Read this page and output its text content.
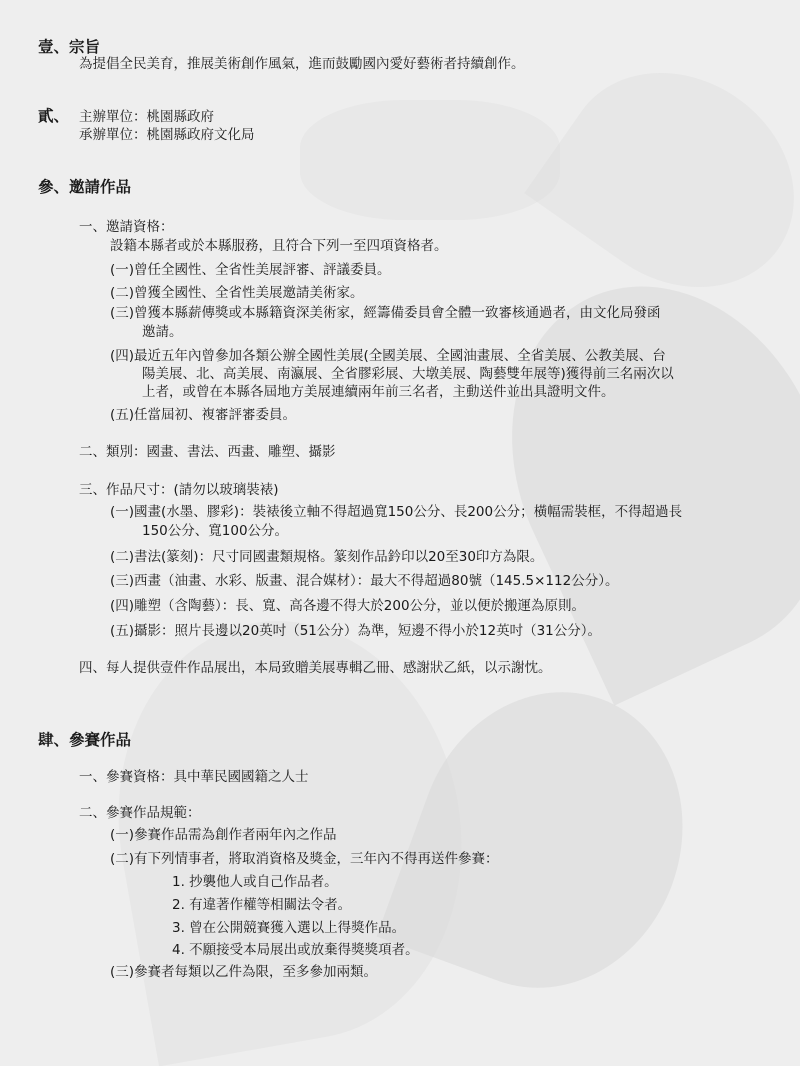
壹、宗旨
為提倡全民美育，推展美術創作風氣，進而鼓勵國內愛好藝術者持續創作。
貳、 主辦單位：桃園縣政府
承辦單位：桃園縣政府文化局
參、邀請作品
一、邀請資格：
設籍本縣者或於本縣服務，且符合下列一至四項資格者。
(一)曾任全國性、全省性美展評審、評議委員。
(二)曾獲全國性、全省性美展邀請美術家。
(三)曾獲本縣薪傳獎或本縣籍資深美術家，經籌備委員會全體一致審核通過者，由文化局發函
邀請。
(四)最近五年內曾參加各類公辦全國性美展(全國美展、全國油畫展、全省美展、公教美展、台
陽美展、北、高美展、南瀛展、全省膠彩展、大墩美展、陶藝雙年展等)獲得前三名兩次以
上者，或曾在本縣各屆地方美展連續兩年前三名者，主動送件並出具證明文件。
(五)任當屆初、複審評審委員。
二、類別：國畫、書法、西畫、雕塑、攝影
三、作品尺寸：(請勿以玻璃裝裱)
(一)國畫(水墨、膠彩)：裝裱後立軸不得超過寬150公分、長200公分；橫幅需裝框，不得超過長
150公分、寬100公分。
(二)書法(篆刻)：尺寸同國畫類規格。篆刻作品鈐印以20至30印方為限。
(三)西畫（油畫、水彩、版畫、混合媒材）：最大不得超過80號（145.5×112公分）。
(四)雕塑（含陶藝）：長、寬、高各邊不得大於200公分，並以便於搬運為原則。
(五)攝影：照片長邊以20英吋（51公分）為準，短邊不得小於12英吋（31公分）。
四、每人提供壹件作品展出，本局致贈美展專輯乙冊、感謝狀乙紙，以示謝忱。
肆、參賽作品
一、參賽資格：具中華民國國籍之人士
二、參賽作品規範：
(一)參賽作品需為創作者兩年內之作品
(二)有下列情事者，將取消資格及獎金，三年內不得再送件參賽：
1. 抄襲他人或自己作品者。
2. 有違著作權等相關法令者。
3. 曾在公開競賽獲入選以上得獎作品。
4. 不願接受本局展出或放棄得獎獎項者。
(三)參賽者每類以乙件為限，至多參加兩類。
